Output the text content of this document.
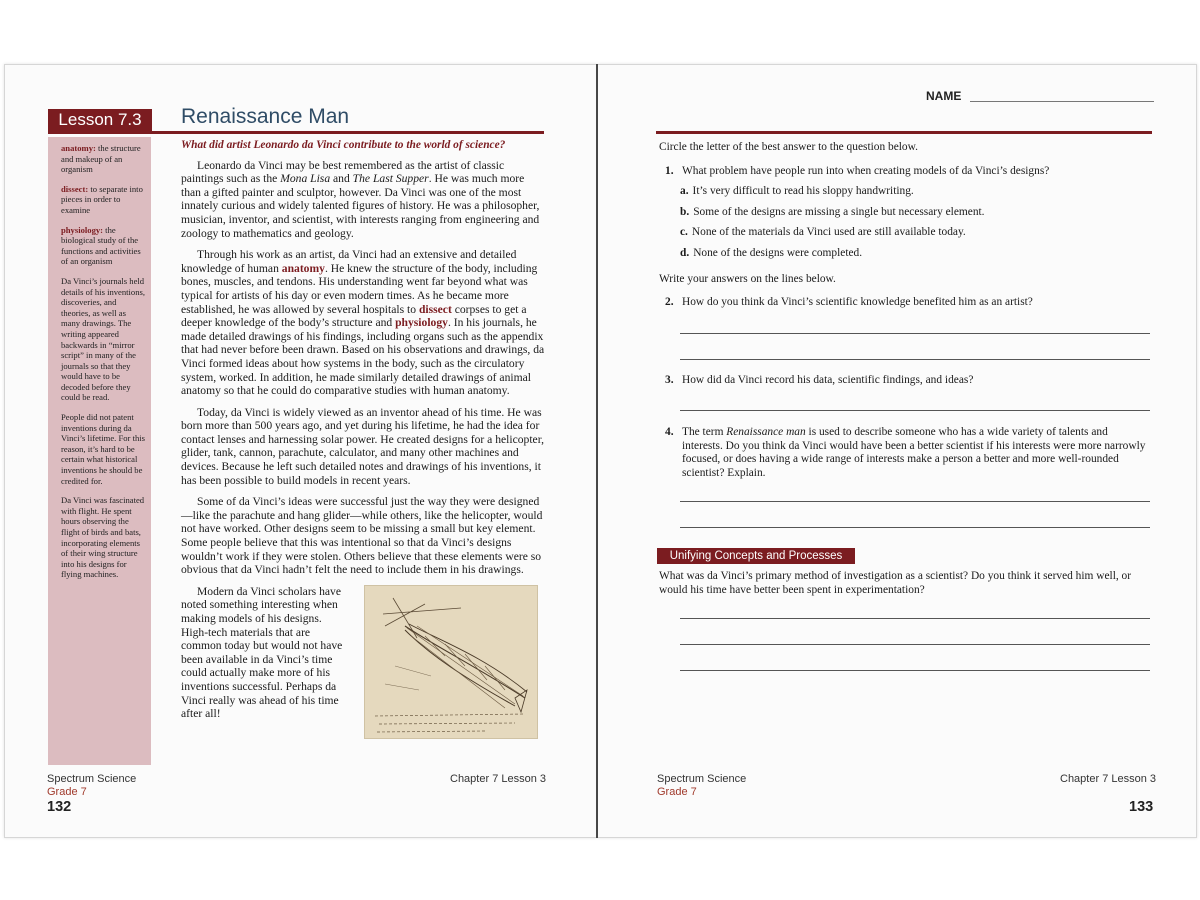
Lesson 7.3	Renaissance Man

anatomy: the structure and makeup of an organism

dissect: to separate into pieces in order to examine

physiology: the biological study of the functions and activities of an organism

Da Vinci’s journals held details of his inventions, discoveries, and theories, as well as many drawings. The writing appeared backwards in “mirror script” in many of the journals so that they would have to be decoded before they could be read.

People did not patent inventions during da Vinci’s lifetime. For this reason, it’s hard to be certain what historical inventions he should be credited for.

Da Vinci was fascinated with flight. He spent hours observing the flight of birds and bats, incorporating elements of their wing structure into his designs for flying machines.

What did artist Leonardo da Vinci contribute to the world of science?

Leonardo da Vinci may be best remembered as the artist of classic paintings such as the Mona Lisa and The Last Supper. He was much more than a gifted painter and sculptor, however. Da Vinci was one of the most innately curious and widely talented figures of history. He was a philosopher, musician, inventor, and scientist, with interests ranging from engineering and zoology to mathematics and geology.

Through his work as an artist, da Vinci had an extensive and detailed knowledge of human anatomy. He knew the structure of the body, including bones, muscles, and tendons. His understanding went far beyond what was typical for artists of his day or even modern times. As he became more established, he was allowed by several hospitals to dissect corpses to get a deeper knowledge of the body’s structure and physiology. In his journals, he made detailed drawings of his findings, including organs such as the appendix that had never before been drawn. Based on his observations and drawings, da Vinci formed ideas about how systems in the body, such as the circulatory system, worked. In addition, he made similarly detailed drawings of animal anatomy so that he could do comparative studies with human anatomy.

Today, da Vinci is widely viewed as an inventor ahead of his time. He was born more than 500 years ago, and yet during his lifetime, he had the idea for contact lenses and harnessing solar power. He created designs for a helicopter, glider, tank, cannon, parachute, calculator, and many other machines and devices. Because he left such detailed notes and drawings of his inventions, it has been possible to build models in recent years.

Some of da Vinci’s ideas were successful just the way they were designed—like the parachute and hang glider—while others, like the helicopter, would not have worked. Other designs seem to be missing a small but key element. Some people believe that this was intentional so that da Vinci’s designs wouldn’t work if they were stolen. Others believe that these elements were so obvious that da Vinci hadn’t felt the need to include them in his drawings.

Modern da Vinci scholars have noted something interesting when making models of his designs. High-tech materials that are common today but would not have been available in da Vinci’s time could actually make more of his inventions successful. Perhaps da Vinci really was ahead of his time after all!

Spectrum Science
Grade 7
132
Chapter 7 Lesson 3
NAME
Circle the letter of the best answer to the question below.
1. What problem have people run into when creating models of da Vinci’s designs?
a. It’s very difficult to read his sloppy handwriting.
b. Some of the designs are missing a single but necessary element.
c. None of the materials da Vinci used are still available today.
d. None of the designs were completed.
Write your answers on the lines below.
2. How do you think da Vinci’s scientific knowledge benefited him as an artist?
3. How did da Vinci record his data, scientific findings, and ideas?
4. The term Renaissance man is used to describe someone who has a wide variety of talents and interests. Do you think da Vinci would have been a better scientist if his interests were more narrowly focused, or does having a wide range of interests make a person a better and more well-rounded scientist? Explain.
Unifying Concepts and Processes
What was da Vinci’s primary method of investigation as a scientist? Do you think it served him well, or would his time have better been spent in experimentation?
Spectrum Science
Grade 7
Chapter 7 Lesson 3
133
